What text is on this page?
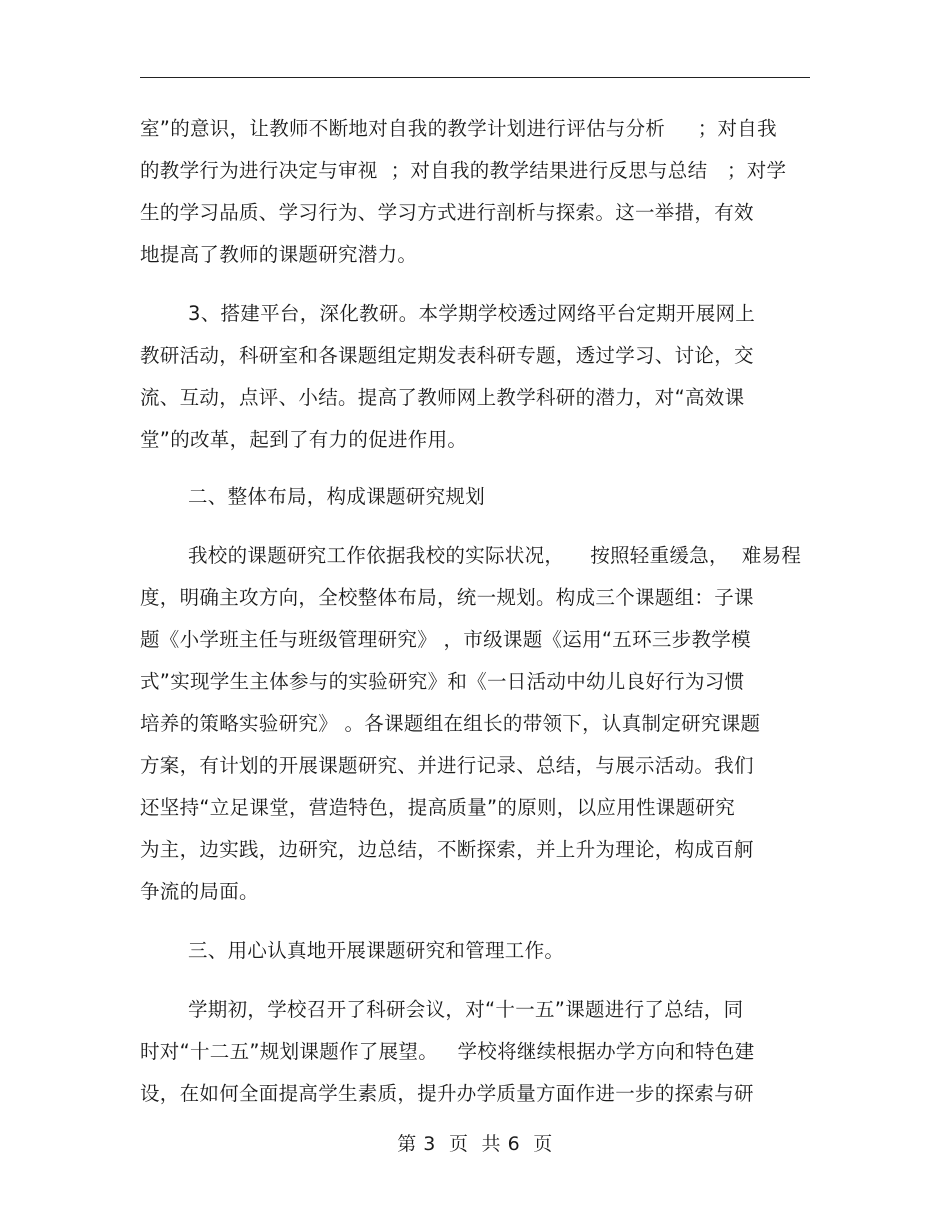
室”的意识，让教师不断地对自我的教学计划进行评估与分析     ；对自我
的教学行为进行决定与审视  ；对自我的教学结果进行反思与总结   ；对学
生的学习品质、学习行为、学习方式进行剖析与探索。这一举措，有效
地提高了教师的课题研究潜力。
3、搭建平台，深化教研。本学期学校透过网络平台定期开展网上
教研活动，科研室和各课题组定期发表科研专题，透过学习、讨论，交
流、互动，点评、小结。提高了教师网上教学科研的潜力，对“高效课
堂”的改革，起到了有力的促进作用。
二、整体布局，构成课题研究规划
我校的课题研究工作依据我校的实际状况，    按照轻重缓急，  难易程
度，明确主攻方向，全校整体布局，统一规划。构成三个课题组：子课
题《小学班主任与班级管理研究》 ，市级课题《运用“五环三步教学模
式”实现学生主体参与的实验研究》和《一日活动中幼儿良好行为习惯
培养的策略实验研究》 。各课题组在组长的带领下，认真制定研究课题
方案，有计划的开展课题研究、并进行记录、总结，与展示活动。我们
还坚持“立足课堂，营造特色，提高质量”的原则，以应用性课题研究
为主，边实践，边研究，边总结，不断探索，并上升为理论，构成百舸
争流的局面。
三、用心认真地开展课题研究和管理工作。
学期初，学校召开了科研会议，对“十一五”课题进行了总结，同
时对“十二五”规划课题作了展望。   学校将继续根据办学方向和特色建
设，在如何全面提高学生素质，提升办学质量方面作进一步的探索与研
第 3  页  共 6  页
